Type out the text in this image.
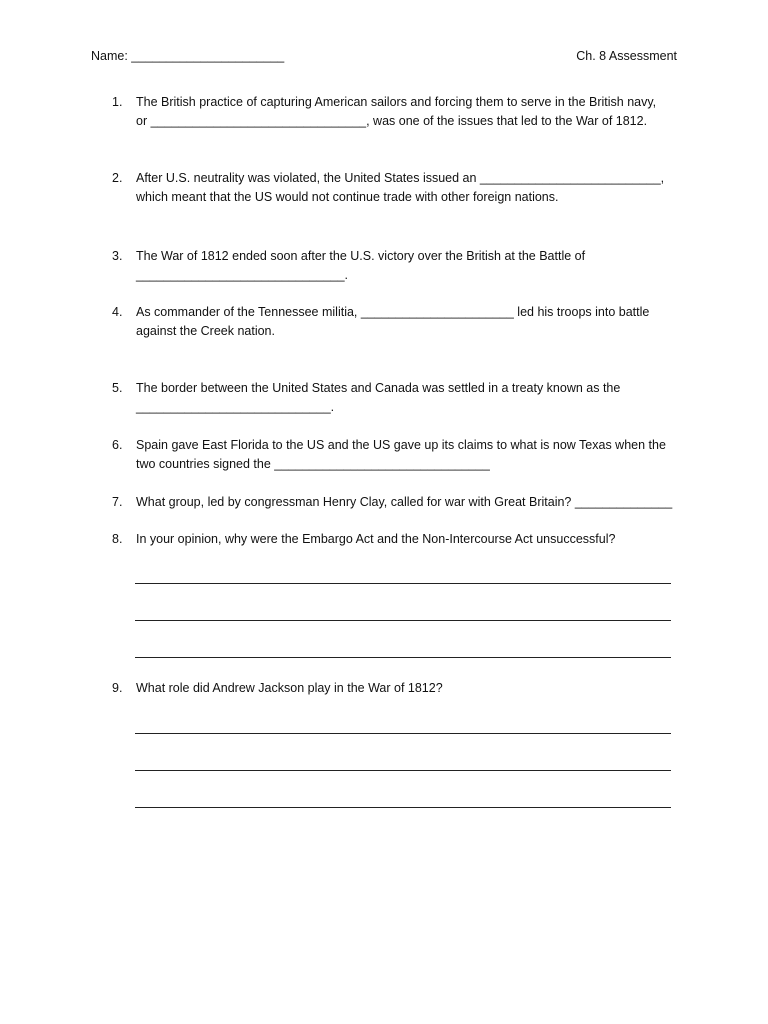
Name: ______________________	Ch. 8 Assessment
1. The British practice of capturing American sailors and forcing them to serve in the British navy,
or _______________________________, was one of the issues that led to the War of 1812.
2. After U.S. neutrality was violated, the United States issued an __________________________,
which meant that the US would not continue trade with other foreign nations.
3. The War of 1812 ended soon after the U.S. victory over the British at the Battle of
______________________________.
4. As commander of the Tennessee militia, ______________________ led his troops into battle
against the Creek nation.
5. The border between the United States and Canada was settled in a treaty known as the
____________________________.
6. Spain gave East Florida to the US and the US gave up its claims to what is now Texas when the
two countries signed the _______________________________
7. What group, led by congressman Henry Clay, called for war with Great Britain? ______________
8. In your opinion, why were the Embargo Act and the Non-Intercourse Act unsuccessful?
9. What role did Andrew Jackson play in the War of 1812?
